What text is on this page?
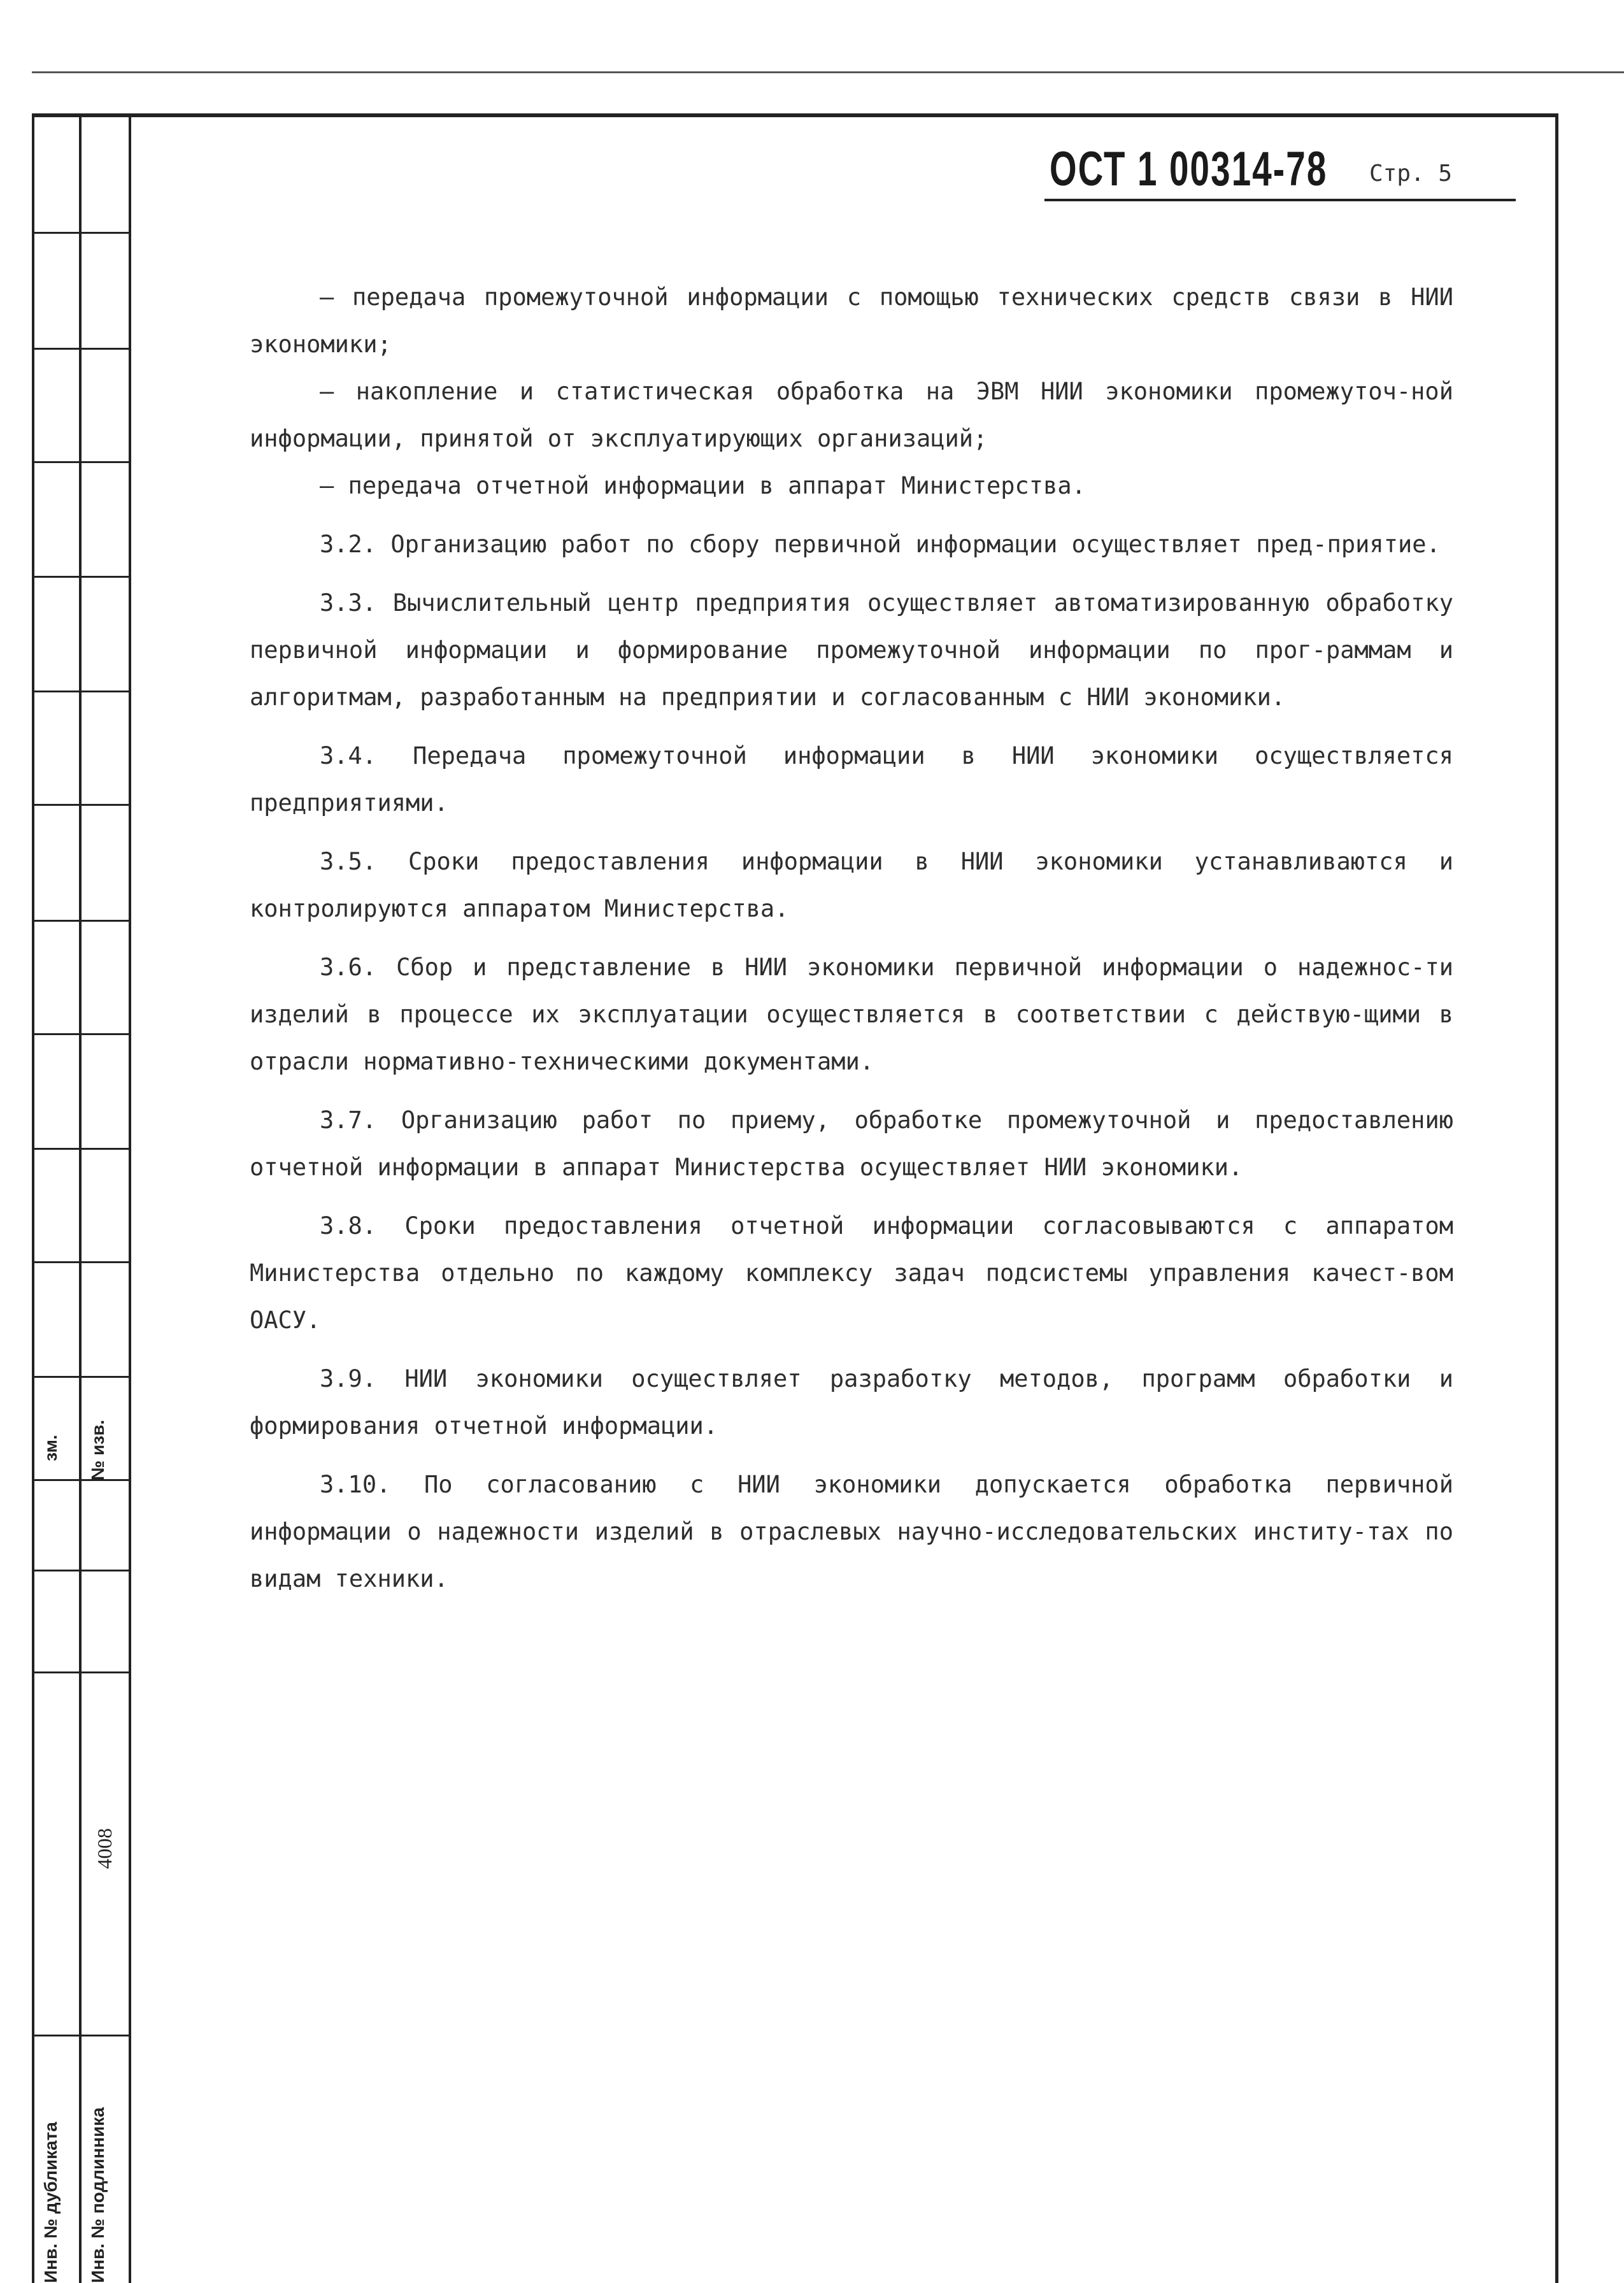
зм. № изв.
4008
Инв. № дубликата Инв. № подлинника
ОСТ 1 00314-78 Стр. 5

– передача промежуточной информации с помощью технических средств связи в НИИ экономики;

– накопление и статистическая обработка на ЭВМ НИИ экономики промежуточ-ной информации, принятой от эксплуатирующих организаций;

– передача отчетной информации в аппарат Министерства.

3.2. Организацию работ по сбору первичной информации осуществляет пред-приятие.

3.3. Вычислительный центр предприятия осуществляет автоматизированную обработку первичной информации и формирование промежуточной информации по прог-раммам и алгоритмам, разработанным на предприятии и согласованным с НИИ экономики.

3.4. Передача промежуточной информации в НИИ экономики осуществляется предприятиями.

3.5. Сроки предоставления информации в НИИ экономики устанавливаются и контролируются аппаратом Министерства.

3.6. Сбор и представление в НИИ экономики первичной информации о надежнос-ти изделий в процессе их эксплуатации осуществляется в соответствии с действую-щими в отрасли нормативно-техническими документами.

3.7. Организацию работ по приему, обработке промежуточной и предоставлению отчетной информации в аппарат Министерства осуществляет НИИ экономики.

3.8. Сроки предоставления отчетной информации согласовываются с аппаратом Министерства отдельно по каждому комплексу задач подсистемы управления качест-вом ОАСУ.

3.9. НИИ экономики осуществляет разработку методов, программ обработки и формирования отчетной информации.

3.10. По согласованию с НИИ экономики допускается обработка первичной информации о надежности изделий в отраслевых научно-исследовательских институ-тах по видам техники.
